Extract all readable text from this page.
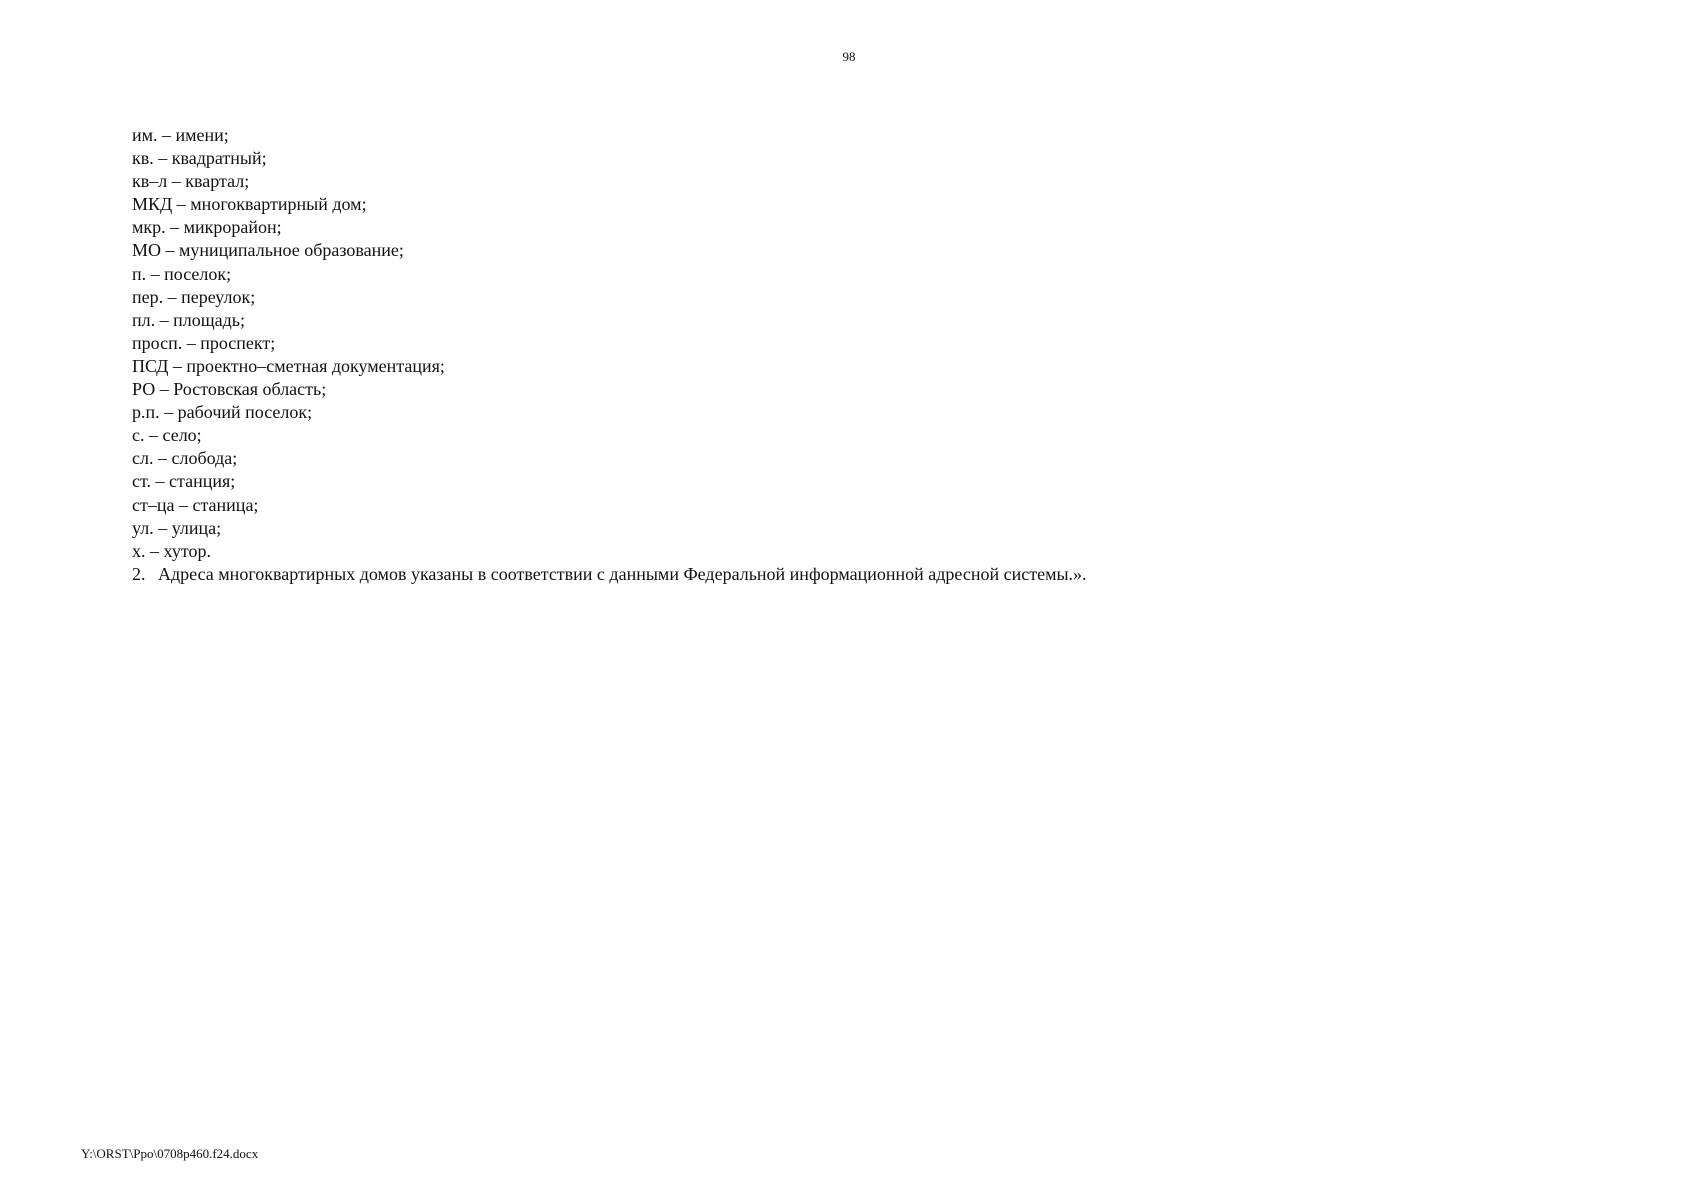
98
им. – имени;
кв. – квадратный;
кв–л – квартал;
МКД – многоквартирный дом;
мкр. – микрорайон;
МО – муниципальное образование;
п. – поселок;
пер. – переулок;
пл. – площадь;
просп. – проспект;
ПСД – проектно–сметная документация;
РО – Ростовская область;
р.п. – рабочий поселок;
с. – село;
сл. – слобода;
ст. – станция;
ст–ца – станица;
ул. – улица;
х. – хутор.
2. Адреса многоквартирных домов указаны в соответствии с данными Федеральной информационной адресной системы.».
Y:\ORST\Ppo\0708p460.f24.docx
